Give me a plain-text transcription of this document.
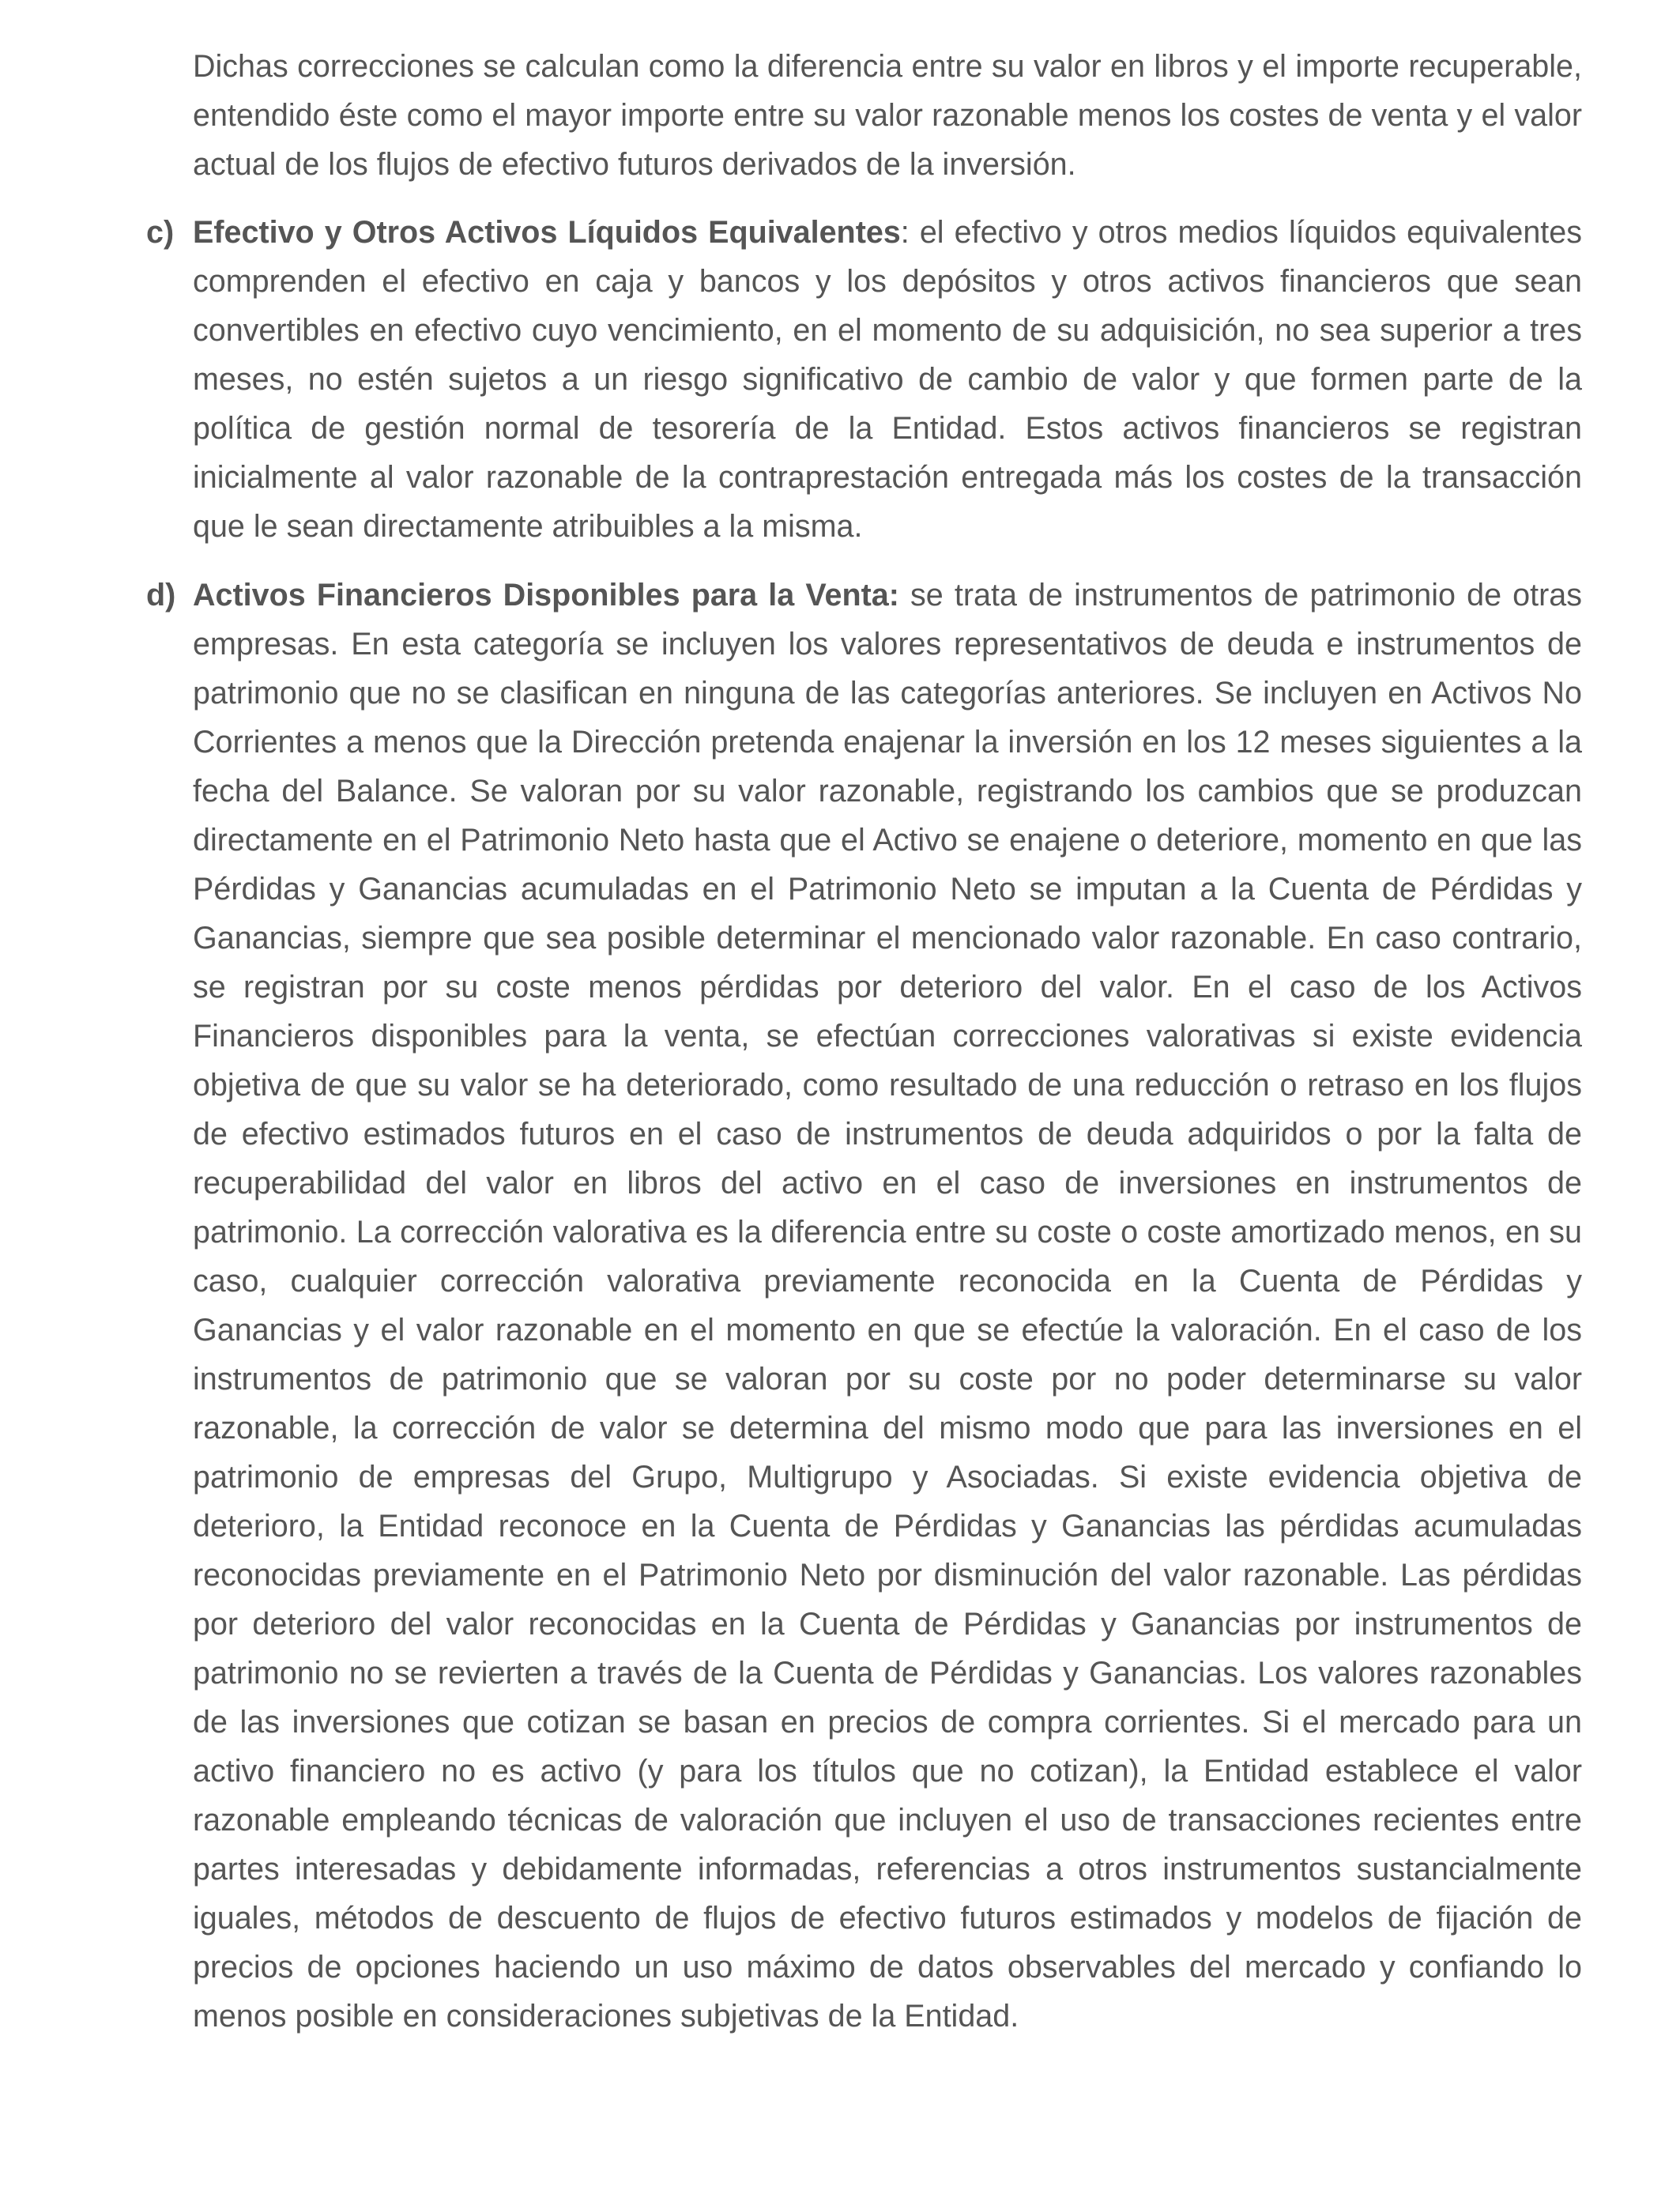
Dichas correcciones se calculan como la diferencia entre su valor en libros y el importe recuperable, entendido éste como el mayor importe entre su valor razonable menos los costes de venta y el valor actual de los flujos de efectivo futuros derivados de la inversión.

c) Efectivo y Otros Activos Líquidos Equivalentes: el efectivo y otros medios líquidos equivalentes comprenden el efectivo en caja y bancos y los depósitos y otros activos financieros que sean convertibles en efectivo cuyo vencimiento, en el momento de su adquisición, no sea superior a tres meses, no estén sujetos a un riesgo significativo de cambio de valor y que formen parte de la política de gestión normal de tesorería de la Entidad. Estos activos financieros se registran inicialmente al valor razonable de la contraprestación entregada más los costes de la transacción que le sean directamente atribuibles a la misma.

d) Activos Financieros Disponibles para la Venta: se trata de instrumentos de patrimonio de otras empresas. En esta categoría se incluyen los valores representativos de deuda e instrumentos de patrimonio que no se clasifican en ninguna de las categorías anteriores. Se incluyen en Activos No Corrientes a menos que la Dirección pretenda enajenar la inversión en los 12 meses siguientes a la fecha del Balance. Se valoran por su valor razonable, registrando los cambios que se produzcan directamente en el Patrimonio Neto hasta que el Activo se enajene o deteriore, momento en que las Pérdidas y Ganancias acumuladas en el Patrimonio Neto se imputan a la Cuenta de Pérdidas y Ganancias, siempre que sea posible determinar el mencionado valor razonable. En caso contrario, se registran por su coste menos pérdidas por deterioro del valor. En el caso de los Activos Financieros disponibles para la venta, se efectúan correcciones valorativas si existe evidencia objetiva de que su valor se ha deteriorado, como resultado de una reducción o retraso en los flujos de efectivo estimados futuros en el caso de instrumentos de deuda adquiridos o por la falta de recuperabilidad del valor en libros del activo en el caso de inversiones en instrumentos de patrimonio. La corrección valorativa es la diferencia entre su coste o coste amortizado menos, en su caso, cualquier corrección valorativa previamente reconocida en la Cuenta de Pérdidas y Ganancias y el valor razonable en el momento en que se efectúe la valoración. En el caso de los instrumentos de patrimonio que se valoran por su coste por no poder determinarse su valor razonable, la corrección de valor se determina del mismo modo que para las inversiones en el patrimonio de empresas del Grupo, Multigrupo y Asociadas. Si existe evidencia objetiva de deterioro, la Entidad reconoce en la Cuenta de Pérdidas y Ganancias las pérdidas acumuladas reconocidas previamente en el Patrimonio Neto por disminución del valor razonable. Las pérdidas por deterioro del valor reconocidas en la Cuenta de Pérdidas y Ganancias por instrumentos de patrimonio no se revierten a través de la Cuenta de Pérdidas y Ganancias. Los valores razonables de las inversiones que cotizan se basan en precios de compra corrientes. Si el mercado para un activo financiero no es activo (y para los títulos que no cotizan), la Entidad establece el valor razonable empleando técnicas de valoración que incluyen el uso de transacciones recientes entre partes interesadas y debidamente informadas, referencias a otros instrumentos sustancialmente iguales, métodos de descuento de flujos de efectivo futuros estimados y modelos de fijación de precios de opciones haciendo un uso máximo de datos observables del mercado y confiando lo menos posible en consideraciones subjetivas de la Entidad.
